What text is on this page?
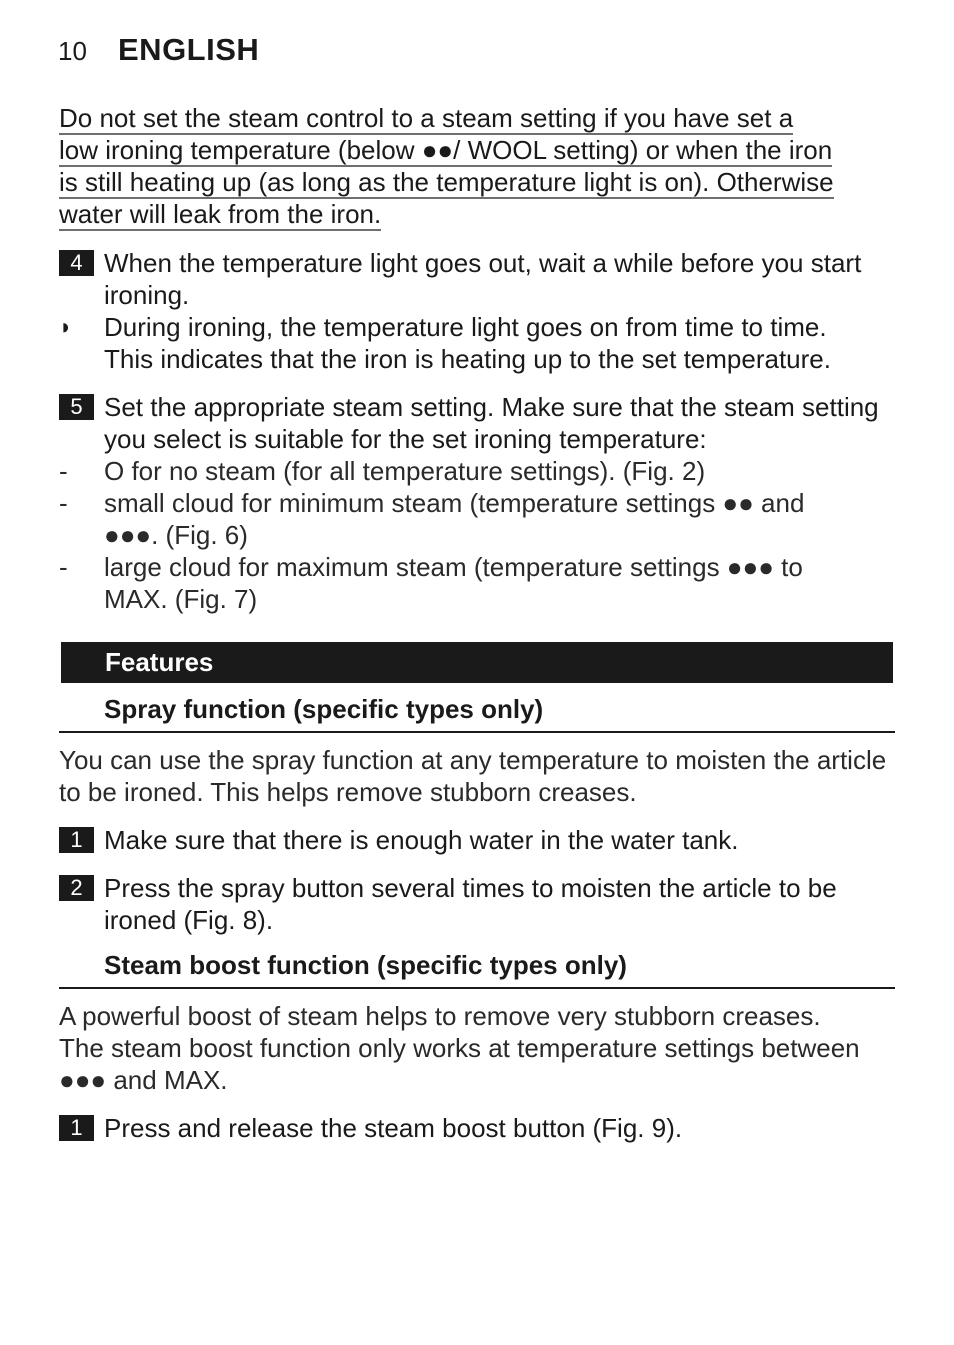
10 ENGLISH
Do not set the steam control to a steam setting if you have set a
low ironing temperature (below ●●/ WOOL setting) or when the iron
is still heating up (as long as the temperature light is on). Otherwise
water will leak from the iron.
4 When the temperature light goes out, wait a while before you start
ironing.
◗ During ironing, the temperature light goes on from time to time.
This indicates that the iron is heating up to the set temperature.
5 Set the appropriate steam setting. Make sure that the steam setting
you select is suitable for the set ironing temperature:
- O for no steam (for all temperature settings). (Fig. 2)
- small cloud for minimum steam (temperature settings ●● and
●●●. (Fig. 6)
- large cloud for maximum steam (temperature settings ●●● to
MAX. (Fig. 7)
Features
Spray function (specific types only)
You can use the spray function at any temperature to moisten the article
to be ironed. This helps remove stubborn creases.
1 Make sure that there is enough water in the water tank.
2 Press the spray button several times to moisten the article to be
ironed (Fig. 8).
Steam boost function (specific types only)
A powerful boost of steam helps to remove very stubborn creases.
The steam boost function only works at temperature settings between
●●● and MAX.
1 Press and release the steam boost button (Fig. 9).
